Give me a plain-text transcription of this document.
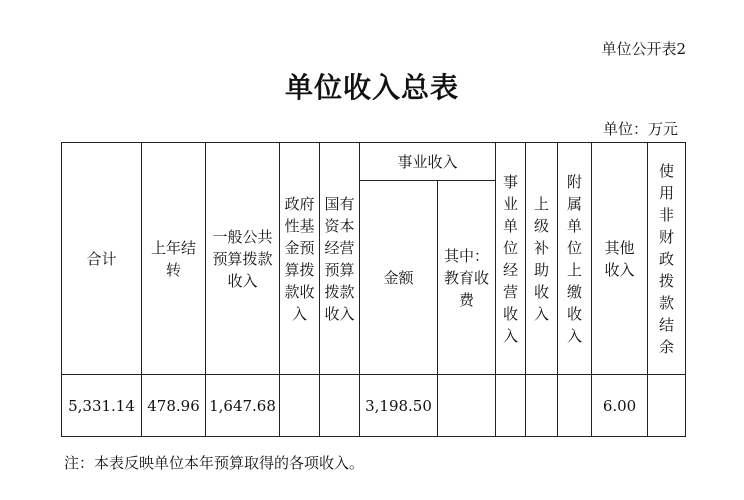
单位公开表2
单位收入总表
单位：万元
合计	上年结转	一般公共预算拨款收入	政府性基金预算拨款收入	国有资本经营预算拨款收入	事业收入		事业单位经营收入	上级补助收入	附属单位上缴收入	其他收入	使用非财政拨款结余
					金额	其中：教育收费					

5,331.14	478.96	1,647.68			3,198.50					6.00	
注：本表反映单位本年预算取得的各项收入。
